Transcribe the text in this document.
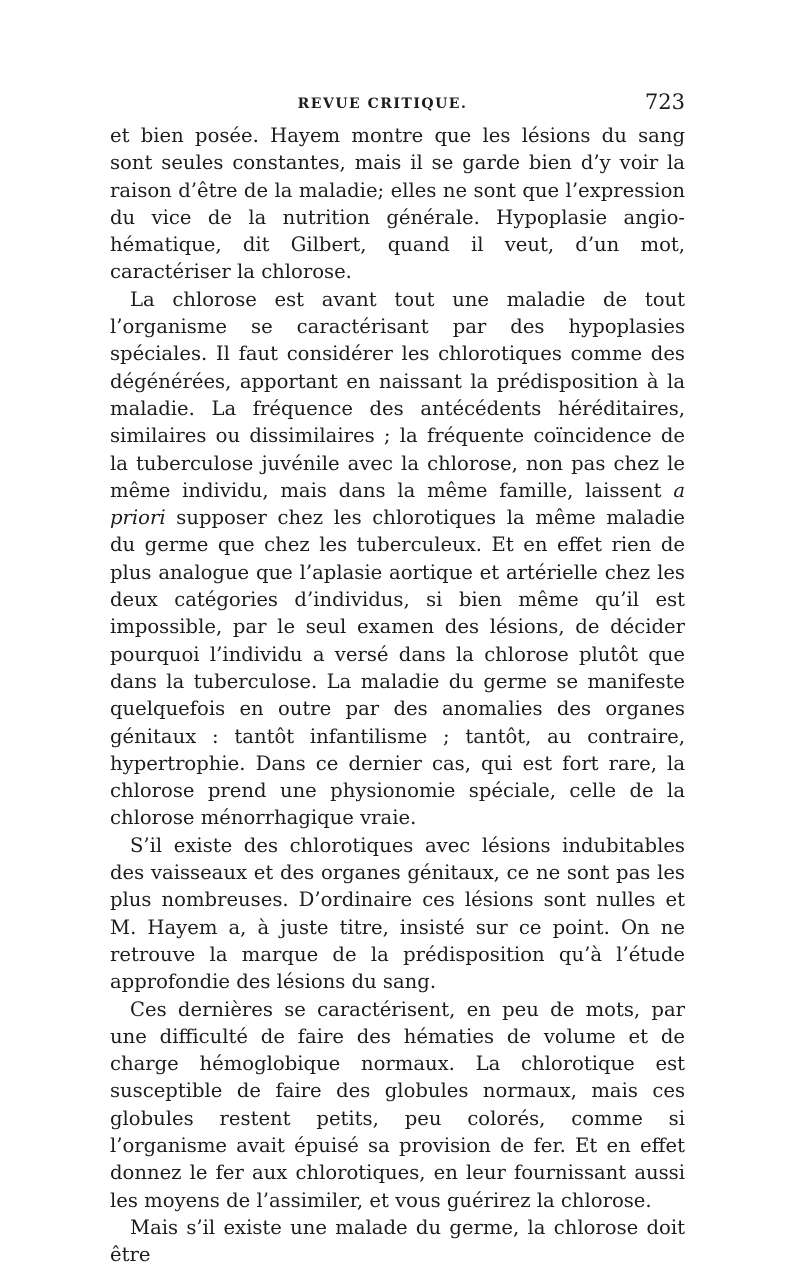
REVUE CRITIQUE.	723

et bien posée. Hayem montre que les lésions du sang sont seules constantes, mais il se garde bien d’y voir la raison d’être de la maladie; elles ne sont que l’expression du vice de la nutrition générale. Hypoplasie angio-hématique, dit Gilbert, quand il veut, d’un mot, caractériser la chlorose.

La chlorose est avant tout une maladie de tout l’organisme se caractérisant par des hypoplasies spéciales. Il faut considérer les chlorotiques comme des dégénérées, apportant en naissant la prédisposition à la maladie. La fréquence des antécédents héréditaires, similaires ou dissimilaires ; la fréquente coïncidence de la tuberculose juvénile avec la chlorose, non pas chez le même individu, mais dans la même famille, laissent a priori supposer chez les chlorotiques la même maladie du germe que chez les tuberculeux. Et en effet rien de plus analogue que l’aplasie aortique et artérielle chez les deux catégories d’individus, si bien même qu’il est impossible, par le seul examen des lésions, de décider pourquoi l’individu a versé dans la chlorose plutôt que dans la tuberculose. La maladie du germe se manifeste quelquefois en outre par des anomalies des organes génitaux : tantôt infantilisme ; tantôt, au contraire, hypertrophie. Dans ce dernier cas, qui est fort rare, la chlorose prend une physionomie spéciale, celle de la chlorose ménorrhagique vraie.

S’il existe des chlorotiques avec lésions indubitables des vaisseaux et des organes génitaux, ce ne sont pas les plus nombreuses. D’ordinaire ces lésions sont nulles et M. Hayem a, à juste titre, insisté sur ce point. On ne retrouve la marque de la prédisposition qu’à l’étude approfondie des lésions du sang.

Ces dernières se caractérisent, en peu de mots, par une difficulté de faire des hématies de volume et de charge hémoglobique normaux. La chlorotique est susceptible de faire des globules normaux, mais ces globules restent petits, peu colorés, comme si l’organisme avait épuisé sa provision de fer. Et en effet donnez le fer aux chlorotiques, en leur fournissant aussi les moyens de l’assimiler, et vous guérirez la chlorose.

Mais s’il existe une malade du germe, la chlorose doit être
